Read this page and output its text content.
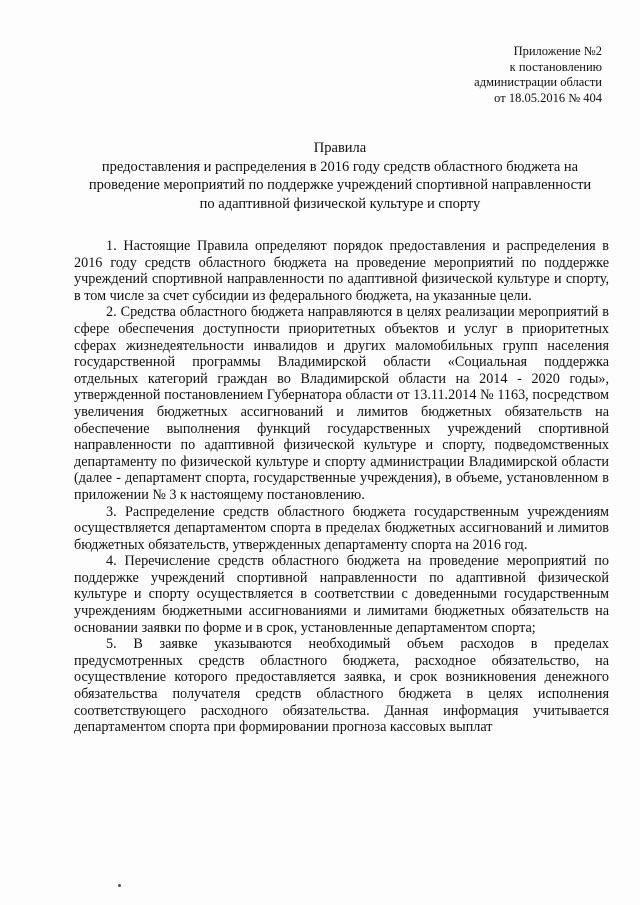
Приложение №2
к постановлению
администрации области
от 18.05.2016 № 404
Правила
предоставления и распределения в 2016 году средств областного бюджета на
проведение мероприятий по поддержке учреждений спортивной направленности
по адаптивной физической культуре и спорту

1. Настоящие Правила определяют порядок предоставления и распределения в 2016 году средств областного бюджета на проведение мероприятий по поддержке учреждений спортивной направленности по адаптивной физической культуре и спорту, в том числе за счет субсидии из федерального бюджета, на указанные цели.

2. Средства областного бюджета направляются в целях реализации мероприятий в сфере обеспечения доступности приоритетных объектов и услуг в приоритетных сферах жизнедеятельности инвалидов и других маломобильных групп населения государственной программы Владимирской области «Социальная поддержка отдельных категорий граждан во Владимирской области на 2014 - 2020 годы», утвержденной постановлением Губернатора области от 13.11.2014 № 1163, посредством увеличения бюджетных ассигнований и лимитов бюджетных обязательств на обеспечение выполнения функций государственных учреждений спортивной направленности по адаптивной физической культуре и спорту, подведомственных департаменту по физической культуре и спорту администрации Владимирской области (далее - департамент спорта, государственные учреждения), в объеме, установленном в приложении № 3 к настоящему постановлению.

3. Распределение средств областного бюджета государственным учреждениям осуществляется департаментом спорта в пределах бюджетных ассигнований и лимитов бюджетных обязательств, утвержденных департаменту спорта на 2016 год.

4. Перечисление средств областного бюджета на проведение мероприятий по поддержке учреждений спортивной направленности по адаптивной физической культуре и спорту осуществляется в соответствии с доведенными государственным учреждениям бюджетными ассигнованиями и лимитами бюджетных обязательств на основании заявки по форме и в срок, установленные департаментом спорта;

5. В заявке указываются необходимый объем расходов в пределах предусмотренных средств областного бюджета, расходное обязательство, на осуществление которого предоставляется заявка, и срок возникновения денежного обязательства получателя средств областного бюджета в целях исполнения соответствующего расходного обязательства. Данная информация учитывается департаментом спорта при формировании прогноза кассовых выплат
